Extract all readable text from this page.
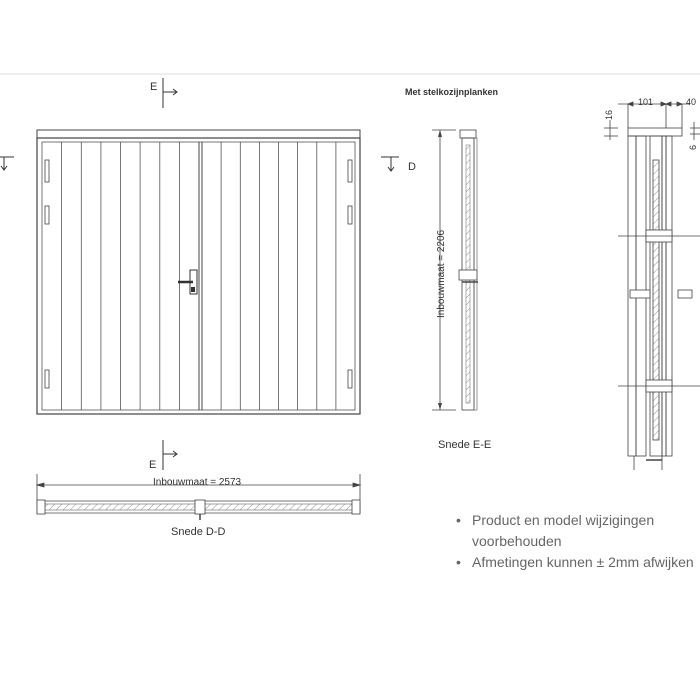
E
E
D
Inbouwmaat = 2573
Snede D-D
Met stelkozijnplanken
Inbouwmaat = 2206
Snede E-E
101	40
16
6
• Product en model wijzigingen
voorbehouden
• Afmetingen kunnen ± 2mm afwijken
